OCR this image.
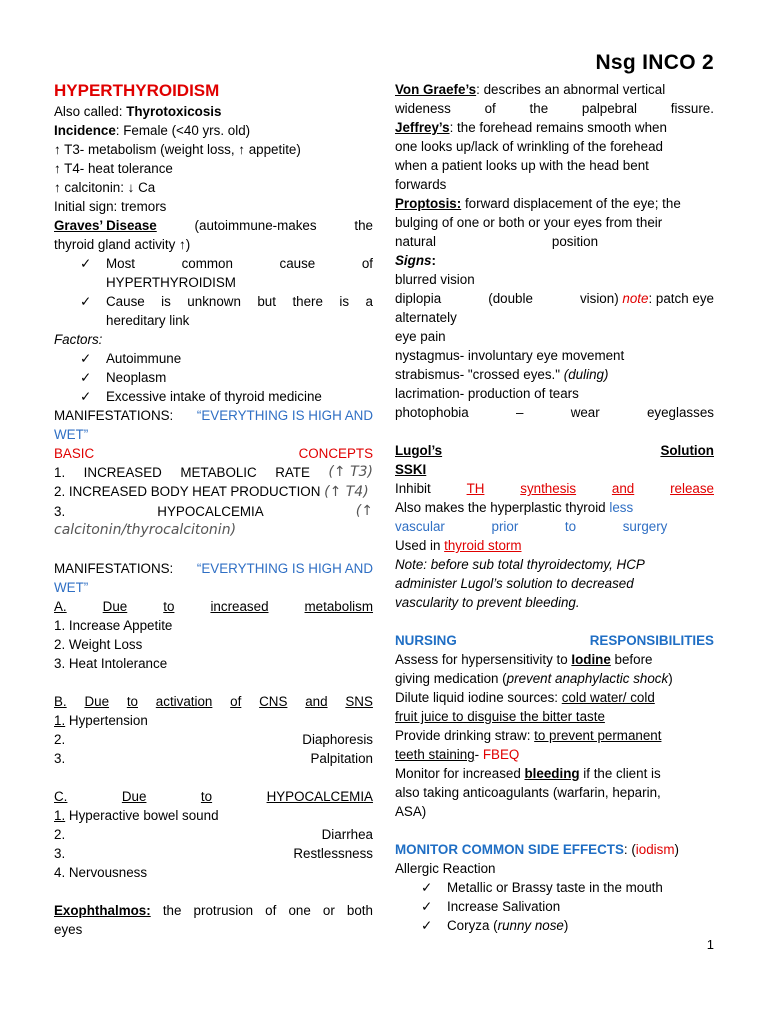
Nsg INCO 2
HYPERTHYROIDISM
Also called: Thyrotoxicosis
Incidence: Female (<40 yrs. old)
↑ T3- metabolism (weight loss, ↑ appetite)
↑ T4- heat tolerance
↑ calcitonin: ↓ Ca
Initial sign: tremors
Graves’ Disease	(autoimmune-makes	the
thyroid gland activity ↑)
✓	Most	common	cause	of
HYPERTHYROIDISM
✓	Cause is unknown but there is a
hereditary link
Factors:
✓	Autoimmune
✓	Neoplasm
✓	Excessive intake of thyroid medicine
MANIFESTATIONS: “EVERYTHING IS HIGH AND
WET”
BASIC	CONCEPTS
1. INCREASED METABOLIC RATE (↑ T3)
2. INCREASED BODY HEAT PRODUCTION (↑ T4)
3.	HYPOCALCEMIA	(↑
calcitonin/thyrocalcitonin)
MANIFESTATIONS: “EVERYTHING IS HIGH AND
WET”
A.	Due	to	increased	metabolism
1. Increase Appetite
2. Weight Loss
3. Heat Intolerance
B. Due to activation of CNS and SNS
1. Hypertension
2.	Diaphoresis
3.	Palpitation
C.	Due	to	HYPOCALCEMIA
1. Hyperactive bowel sound
2.	Diarrhea
3.	Restlessness
4. Nervousness
Exophthalmos: the protrusion of one or both
eyes
Von Graefe’s: describes an abnormal vertical
wideness	of	the	palpebral	fissure.
Jeffrey’s: the forehead remains smooth when
one looks up/lack of wrinkling of the forehead
when a patient looks up with the head bent
forwards
Proptosis: forward displacement of the eye; the
bulging of one or both or your eyes from their
natural	position
Signs:
blurred vision
diplopia	(double	vision) note: patch eye
alternately
eye pain
nystagmus- involuntary eye movement
strabismus- "crossed eyes." (duling)
lacrimation- production of tears
photophobia	–	wear	eyeglasses
Lugol’s	Solution
SSKI
Inhibit	TH	synthesis	and	release
Also makes the hyperplastic thyroid less
vascular	prior	to	surgery
Used in thyroid storm
Note: before sub total thyroidectomy, HCP
administer Lugol’s solution to decreased
vascularity to prevent bleeding.
NURSING	RESPONSIBILITIES
Assess for hypersensitivity to Iodine before
giving medication (prevent anaphylactic shock)
Dilute liquid iodine sources: cold water/ cold
fruit juice to disguise the bitter taste
Provide drinking straw: to prevent permanent
teeth staining- FBEQ
Monitor for increased bleeding if the client is
also taking anticoagulants (warfarin, heparin,
ASA)
MONITOR COMMON SIDE EFFECTS: (iodism)
Allergic Reaction
✓	Metallic or Brassy taste in the mouth
✓	Increase Salivation
✓	Coryza (runny nose)
1
